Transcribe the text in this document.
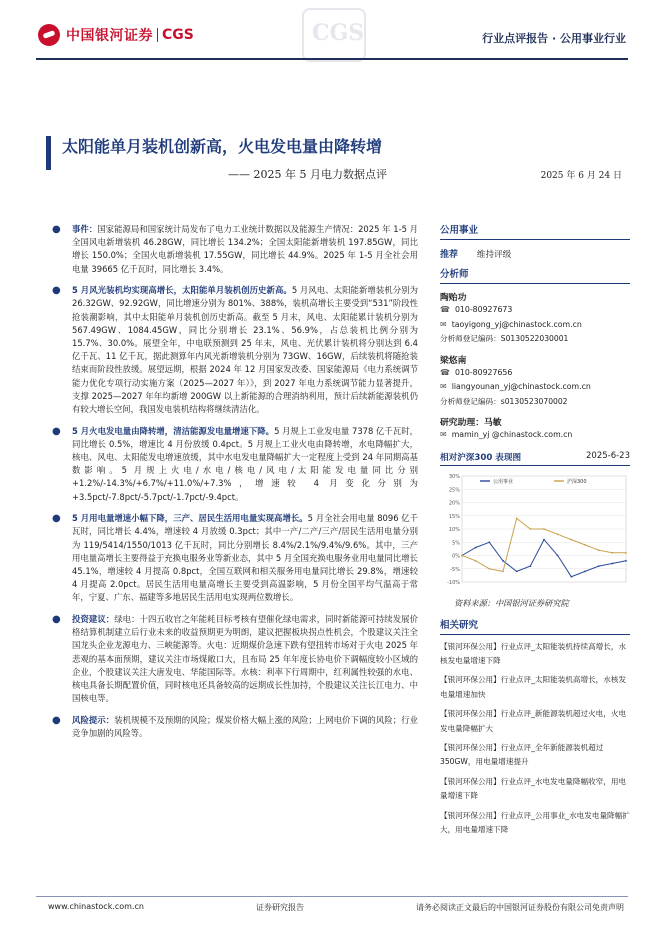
中国银河证券 CGS
CGS	行业点评报告 · 公用事业行业
太阳能单月装机创新高，火电发电量由降转增
—— 2025 年 5 月电力数据点评	2025 年 6 月 24 日
● 事件：国家能源局和国家统计局发布了电力工业统计数据以及能源生产情况：2025 年 1-5 月全国风电新增装机 46.28GW，同比增长 134.2%；全国太阳能新增装机 197.85GW，同比增长 150.0%；全国火电新增装机 17.55GW，同比增长 44.9%。2025 年 1-5 月全社会用电量 39665 亿千瓦时，同比增长 3.4%。
● 5 月风光装机均实现高增长，太阳能单月装机创历史新高。5 月风电、太阳能新增装机分别为 26.32GW、92.92GW，同比增速分别为 801%、388%，装机高增长主要受到“531”阶段性抢装潮影响，其中太阳能单月装机创历史新高。截至 5 月末，风电、太阳能累计装机分别为 567.49GW、1084.45GW，同比分别增长 23.1%、56.9%，占总装机比例分别为 15.7%、30.0%。展望全年，中电联预测到 25 年末，风电、光伏累计装机将分别达到 6.4 亿千瓦、11 亿千瓦，据此测算年内风光新增装机分别为 73GW、16GW，后续装机将随抢装结束而阶段性放缓。展望远期，根据 2024 年 12 月国家发改委、国家能源局《电力系统调节能力优化专项行动实施方案（2025—2027 年）》，到 2027 年电力系统调节能力显著提升，支撑 2025—2027 年年均新增 200GW 以上新能源的合理消纳利用，预计后续新能源装机仍有较大增长空间，我国发电装机结构将继续清洁化。
● 5 月火电发电量由降转增，清洁能源发电量增速下降。5 月规上工业发电量 7378 亿千瓦时，同比增长 0.5%，增速比 4 月份放缓 0.4pct。5 月规上工业火电由降转增，水电降幅扩大，核电、风电、太阳能发电增速放缓，其中水电发电量降幅扩大一定程度上受到 24 年同期高基数影响。5 月规上火电/水电/核电/风电/太阳能发电量同比分别+1.2%/-14.3%/+6.7%/+11.0%/+7.3%，增速较 4 月变化分别为+3.5pct/-7.8pct/-5.7pct/-1.7pct/-9.4pct。
● 5 月用电量增速小幅下降，三产、居民生活用电量实现高增长。5 月全社会用电量 8096 亿千瓦时，同比增长 4.4%，增速较 4 月放缓 0.3pct；其中一产/二产/三产/居民生活用电量分别为 119/5414/1550/1013 亿千瓦时，同比分别增长 8.4%/2.1%/9.4%/9.6%。其中，三产用电量高增长主要得益于充换电服务业等新业态，其中 5 月全国充换电服务业用电量同比增长 45.1%，增速较 4 月提高 0.8pct，全国互联网和相关服务用电量同比增长 29.8%，增速较 4 月提高 2.0pct。居民生活用电量高增长主要受到高温影响，5 月份全国平均气温高于常年，宁夏、广东、福建等多地居民生活用电实现两位数增长。
● 投资建议：绿电：十四五收官之年能耗目标考核有望催化绿电需求，同时新能源可持续发展价格结算机制建立后行业未来的收益预期更为明朗，建议把握板块拐点性机会，个股建议关注全国龙头企业龙源电力、三峡能源等。火电：近期煤价急速下跌有望扭转市场对于火电 2025 年悲观的基本面预期，建议关注市场煤敞口大，且布局 25 年年度长协电价下调幅度较小区域的企业，个股建议关注大唐发电、华能国际等。水核：利率下行周期中，红利属性较强的水电、核电具备长期配置价值，同时核电还具备较高的远期成长性加持，个股建议关注长江电力、中国核电等。
● 风险提示：装机规模不及预期的风险；煤炭价格大幅上涨的风险；上网电价下调的风险；行业竞争加剧的风险等。
公用事业
推荐 维持评级
分析师
陶贻功
☎ 010-80927673
✉ taoyigong_yj@chinastock.com.cn
分析师登记编码：S0130522030001
梁悠南
☎ 010-80927656
✉ liangyounan_yj@chinastock.com.cn
分析师登记编码：s0130523070002
研究助理：马敏
✉ mamin_yj @chinastock.com.cn
相对沪深300 表现图	2025-6-23
30%
25%
20%
15%
10%
5%
0%
-5%
-10%
公用事业	沪深300
资料来源：中国银河证券研究院
相关研究
【银河环保公用】行业点评_太阳能装机持续高增长，水核发电量增速下降
【银河环保公用】行业点评_太阳能装机高增长，水核发电量增速加快
【银河环保公用】行业点评_新能源装机超过火电，火电发电量降幅扩大
【银河环保公用】行业点评_全年新能源装机超过350GW，用电量增速提升
【银河环保公用】行业点评_水电发电量降幅收窄，用电量增速下降
【银河环保公用】行业点评_公用事业_水电发电量降幅扩大，用电量增速下降
www.chinastock.com.cn	证券研究报告	请务必阅读正文最后的中国银河证券股份有限公司免责声明
